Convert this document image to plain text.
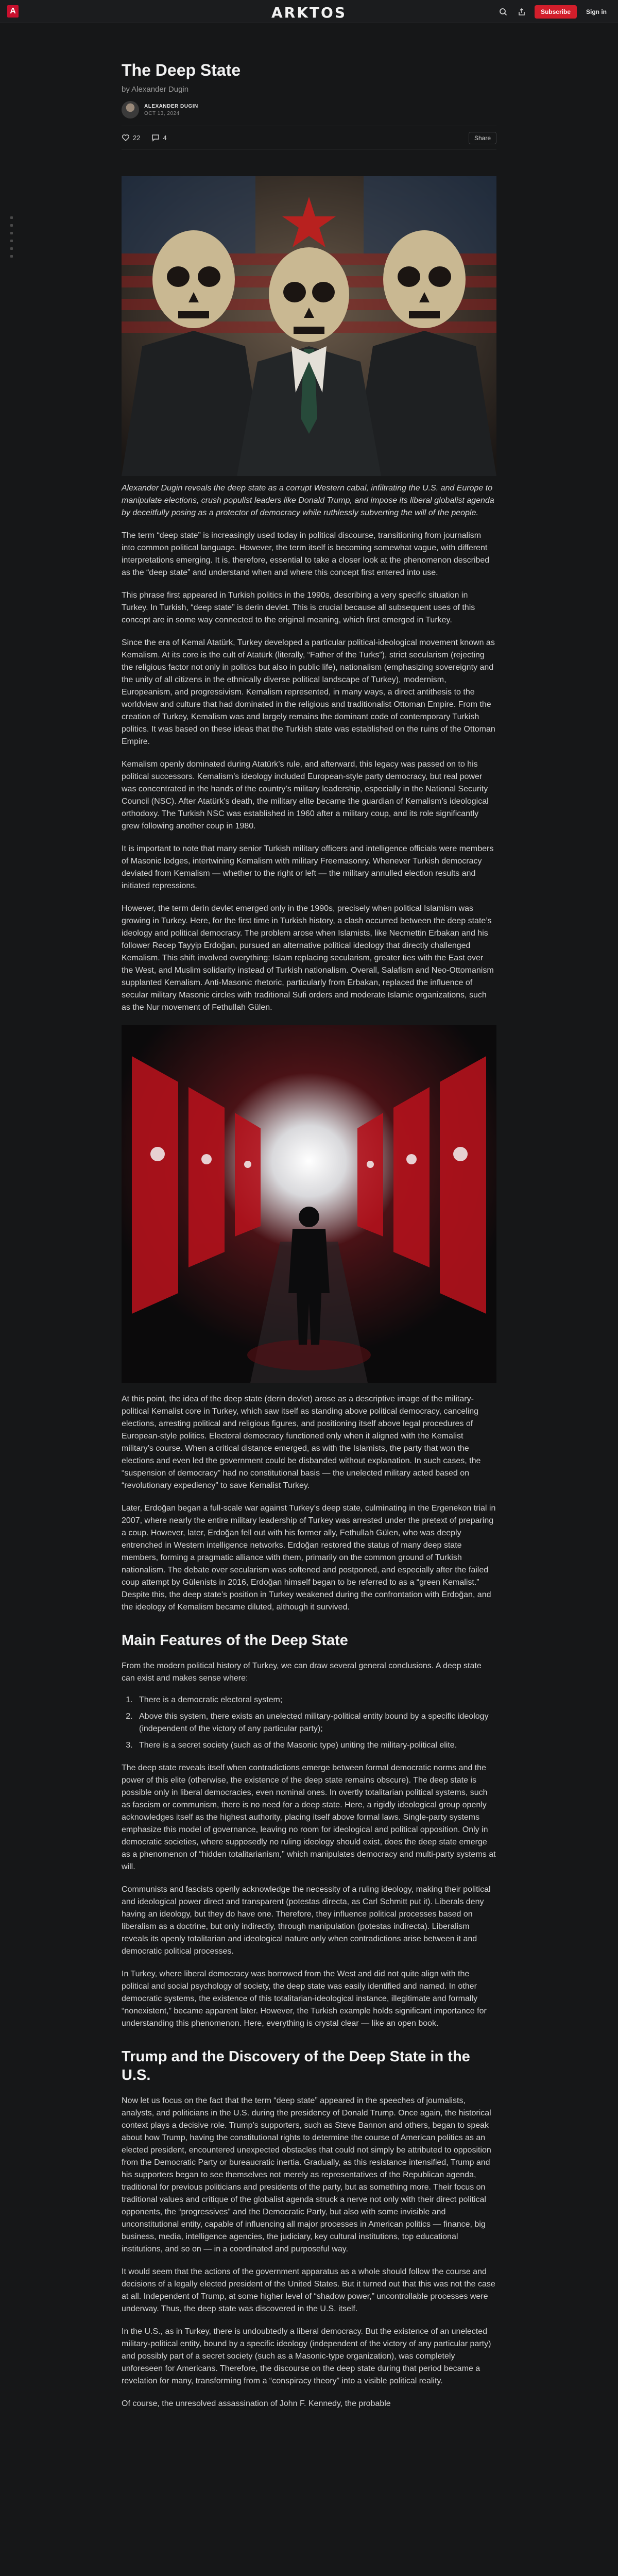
A	ARKTOS	Subscribe	Sign in
The Deep State
by Alexander Dugin
ALEXANDER DUGIN
OCT 13, 2024
22	4	Share
Alexander Dugin reveals the deep state as a corrupt Western cabal, infiltrating the U.S. and Europe to manipulate elections, crush populist leaders like Donald Trump, and impose its liberal globalist agenda by deceitfully posing as a protector of democracy while ruthlessly subverting the will of the people.

The term “deep state” is increasingly used today in political discourse, transitioning from journalism into common political language. However, the term itself is becoming somewhat vague, with different interpretations emerging. It is, therefore, essential to take a closer look at the phenomenon described as the “deep state” and understand when and where this concept first entered into use.

This phrase first appeared in Turkish politics in the 1990s, describing a very specific situation in Turkey. In Turkish, “deep state” is derin devlet. This is crucial because all subsequent uses of this concept are in some way connected to the original meaning, which first emerged in Turkey.

Since the era of Kemal Atatürk, Turkey developed a particular political-ideological movement known as Kemalism. At its core is the cult of Atatürk (literally, “Father of the Turks”), strict secularism (rejecting the religious factor not only in politics but also in public life), nationalism (emphasizing sovereignty and the unity of all citizens in the ethnically diverse political landscape of Turkey), modernism, Europeanism, and progressivism. Kemalism represented, in many ways, a direct antithesis to the worldview and culture that had dominated in the religious and traditionalist Ottoman Empire. From the creation of Turkey, Kemalism was and largely remains the dominant code of contemporary Turkish politics. It was based on these ideas that the Turkish state was established on the ruins of the Ottoman Empire.

Kemalism openly dominated during Atatürk’s rule, and afterward, this legacy was passed on to his political successors. Kemalism’s ideology included European-style party democracy, but real power was concentrated in the hands of the country’s military leadership, especially in the National Security Council (NSC). After Atatürk’s death, the military elite became the guardian of Kemalism’s ideological orthodoxy. The Turkish NSC was established in 1960 after a military coup, and its role significantly grew following another coup in 1980.

It is important to note that many senior Turkish military officers and intelligence officials were members of Masonic lodges, intertwining Kemalism with military Freemasonry. Whenever Turkish democracy deviated from Kemalism — whether to the right or left — the military annulled election results and initiated repressions.

However, the term derin devlet emerged only in the 1990s, precisely when political Islamism was growing in Turkey. Here, for the first time in Turkish history, a clash occurred between the deep state’s ideology and political democracy. The problem arose when Islamists, like Necmettin Erbakan and his follower Recep Tayyip Erdoğan, pursued an alternative political ideology that directly challenged Kemalism. This shift involved everything: Islam replacing secularism, greater ties with the East over the West, and Muslim solidarity instead of Turkish nationalism. Overall, Salafism and Neo-Ottomanism supplanted Kemalism. Anti-Masonic rhetoric, particularly from Erbakan, replaced the influence of secular military Masonic circles with traditional Sufi orders and moderate Islamic organizations, such as the Nur movement of Fethullah Gülen.

At this point, the idea of the deep state (derin devlet) arose as a descriptive image of the military-political Kemalist core in Turkey, which saw itself as standing above political democracy, canceling elections, arresting political and religious figures, and positioning itself above legal procedures of European-style politics. Electoral democracy functioned only when it aligned with the Kemalist military’s course. When a critical distance emerged, as with the Islamists, the party that won the elections and even led the government could be disbanded without explanation. In such cases, the “suspension of democracy” had no constitutional basis — the unelected military acted based on “revolutionary expediency” to save Kemalist Turkey.

Later, Erdoğan began a full-scale war against Turkey’s deep state, culminating in the Ergenekon trial in 2007, where nearly the entire military leadership of Turkey was arrested under the pretext of preparing a coup. However, later, Erdoğan fell out with his former ally, Fethullah Gülen, who was deeply entrenched in Western intelligence networks. Erdoğan restored the status of many deep state members, forming a pragmatic alliance with them, primarily on the common ground of Turkish nationalism. The debate over secularism was softened and postponed, and especially after the failed coup attempt by Gülenists in 2016, Erdoğan himself began to be referred to as a “green Kemalist.” Despite this, the deep state’s position in Turkey weakened during the confrontation with Erdoğan, and the ideology of Kemalism became diluted, although it survived.

Main Features of the Deep State

From the modern political history of Turkey, we can draw several general conclusions. A deep state can exist and makes sense where:

1. There is a democratic electoral system;
2. Above this system, there exists an unelected military-political entity bound by a specific ideology (independent of the victory of any particular party);
3. There is a secret society (such as of the Masonic type) uniting the military-political elite.

The deep state reveals itself when contradictions emerge between formal democratic norms and the power of this elite (otherwise, the existence of the deep state remains obscure). The deep state is possible only in liberal democracies, even nominal ones. In overtly totalitarian political systems, such as fascism or communism, there is no need for a deep state. Here, a rigidly ideological group openly acknowledges itself as the highest authority, placing itself above formal laws. Single-party systems emphasize this model of governance, leaving no room for ideological and political opposition. Only in democratic societies, where supposedly no ruling ideology should exist, does the deep state emerge as a phenomenon of “hidden totalitarianism,” which manipulates democracy and multi-party systems at will.

Communists and fascists openly acknowledge the necessity of a ruling ideology, making their political and ideological power direct and transparent (potestas directa, as Carl Schmitt put it). Liberals deny having an ideology, but they do have one. Therefore, they influence political processes based on liberalism as a doctrine, but only indirectly, through manipulation (potestas indirecta). Liberalism reveals its openly totalitarian and ideological nature only when contradictions arise between it and democratic political processes.

In Turkey, where liberal democracy was borrowed from the West and did not quite align with the political and social psychology of society, the deep state was easily identified and named. In other democratic systems, the existence of this totalitarian-ideological instance, illegitimate and formally “nonexistent,” became apparent later. However, the Turkish example holds significant importance for understanding this phenomenon. Here, everything is crystal clear — like an open book.

Trump and the Discovery of the Deep State in the U.S.

Now let us focus on the fact that the term “deep state” appeared in the speeches of journalists, analysts, and politicians in the U.S. during the presidency of Donald Trump. Once again, the historical context plays a decisive role. Trump’s supporters, such as Steve Bannon and others, began to speak about how Trump, having the constitutional rights to determine the course of American politics as an elected president, encountered unexpected obstacles that could not simply be attributed to opposition from the Democratic Party or bureaucratic inertia. Gradually, as this resistance intensified, Trump and his supporters began to see themselves not merely as representatives of the Republican agenda, traditional for previous politicians and presidents of the party, but as something more. Their focus on traditional values and critique of the globalist agenda struck a nerve not only with their direct political opponents, the “progressives” and the Democratic Party, but also with some invisible and unconstitutional entity, capable of influencing all major processes in American politics — finance, big business, media, intelligence agencies, the judiciary, key cultural institutions, top educational institutions, and so on — in a coordinated and purposeful way.

It would seem that the actions of the government apparatus as a whole should follow the course and decisions of a legally elected president of the United States. But it turned out that this was not the case at all. Independent of Trump, at some higher level of “shadow power,” uncontrollable processes were underway. Thus, the deep state was discovered in the U.S. itself.

In the U.S., as in Turkey, there is undoubtedly a liberal democracy. But the existence of an unelected military-political entity, bound by a specific ideology (independent of the victory of any particular party) and possibly part of a secret society (such as a Masonic-type organization), was completely unforeseen for Americans. Therefore, the discourse on the deep state during that period became a revelation for many, transforming from a “conspiracy theory” into a visible political reality.

Of course, the unresolved assassination of John F. Kennedy, the probable
